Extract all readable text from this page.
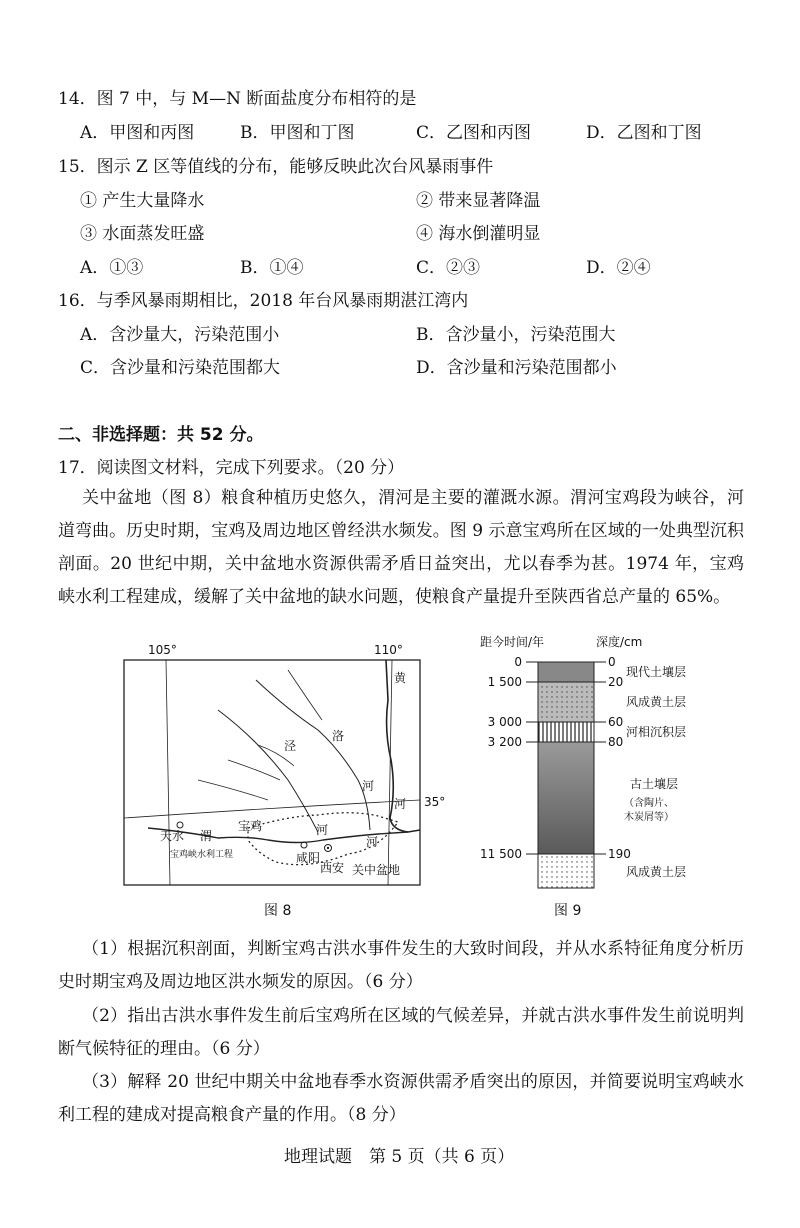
14．图 7 中，与 M—N 断面盐度分布相符的是
A．甲图和丙图	B．甲图和丁图	C．乙图和丙图	D．乙图和丁图
15．图示 Z 区等值线的分布，能够反映此次台风暴雨事件
① 产生大量降水	② 带来显著降温
③ 水面蒸发旺盛	④ 海水倒灌明显
A．①③	B．①④	C．②③	D．②④
16．与季风暴雨期相比，2018 年台风暴雨期湛江湾内
A．含沙量大，污染范围小	B．含沙量小，污染范围大
C．含沙量和污染范围都大	D．含沙量和污染范围都小
二、非选择题：共 52 分。
17．阅读图文材料，完成下列要求。（20 分）
关中盆地（图 8）粮食种植历史悠久，渭河是主要的灌溉水源。渭河宝鸡段为峡谷，河道弯曲。历史时期，宝鸡及周边地区曾经洪水频发。图 9 示意宝鸡所在区域的一处典型沉积剖面。20 世纪中期，关中盆地水资源供需矛盾日益突出，尤以春季为甚。1974 年，宝鸡峡水利工程建成，缓解了关中盆地的缺水问题，使粮食产量提升至陕西省总产量的 65%。
105°	110°
35°
黄
洛
泾
河
河
河
河
天水 渭
宝鸡
咸阳
西安
宝鸡峡水利工程
关中盆地
图 8
距今时间/年	深度/cm
0
1 500
3 000
3 200
11 500
0
20
60
80
190
现代土壤层
风成黄土层
河相沉积层
古土壤层
（含陶片、
木炭屑等）
风成黄土层
图 9
（1）根据沉积剖面，判断宝鸡古洪水事件发生的大致时间段，并从水系特征角度分析历史时期宝鸡及周边地区洪水频发的原因。（6 分）
（2）指出古洪水事件发生前后宝鸡所在区域的气候差异，并就古洪水事件发生前说明判断气候特征的理由。（6 分）
（3）解释 20 世纪中期关中盆地春季水资源供需矛盾突出的原因，并简要说明宝鸡峡水利工程的建成对提高粮食产量的作用。（8 分）
地理试题　第 5 页（共 6 页）
